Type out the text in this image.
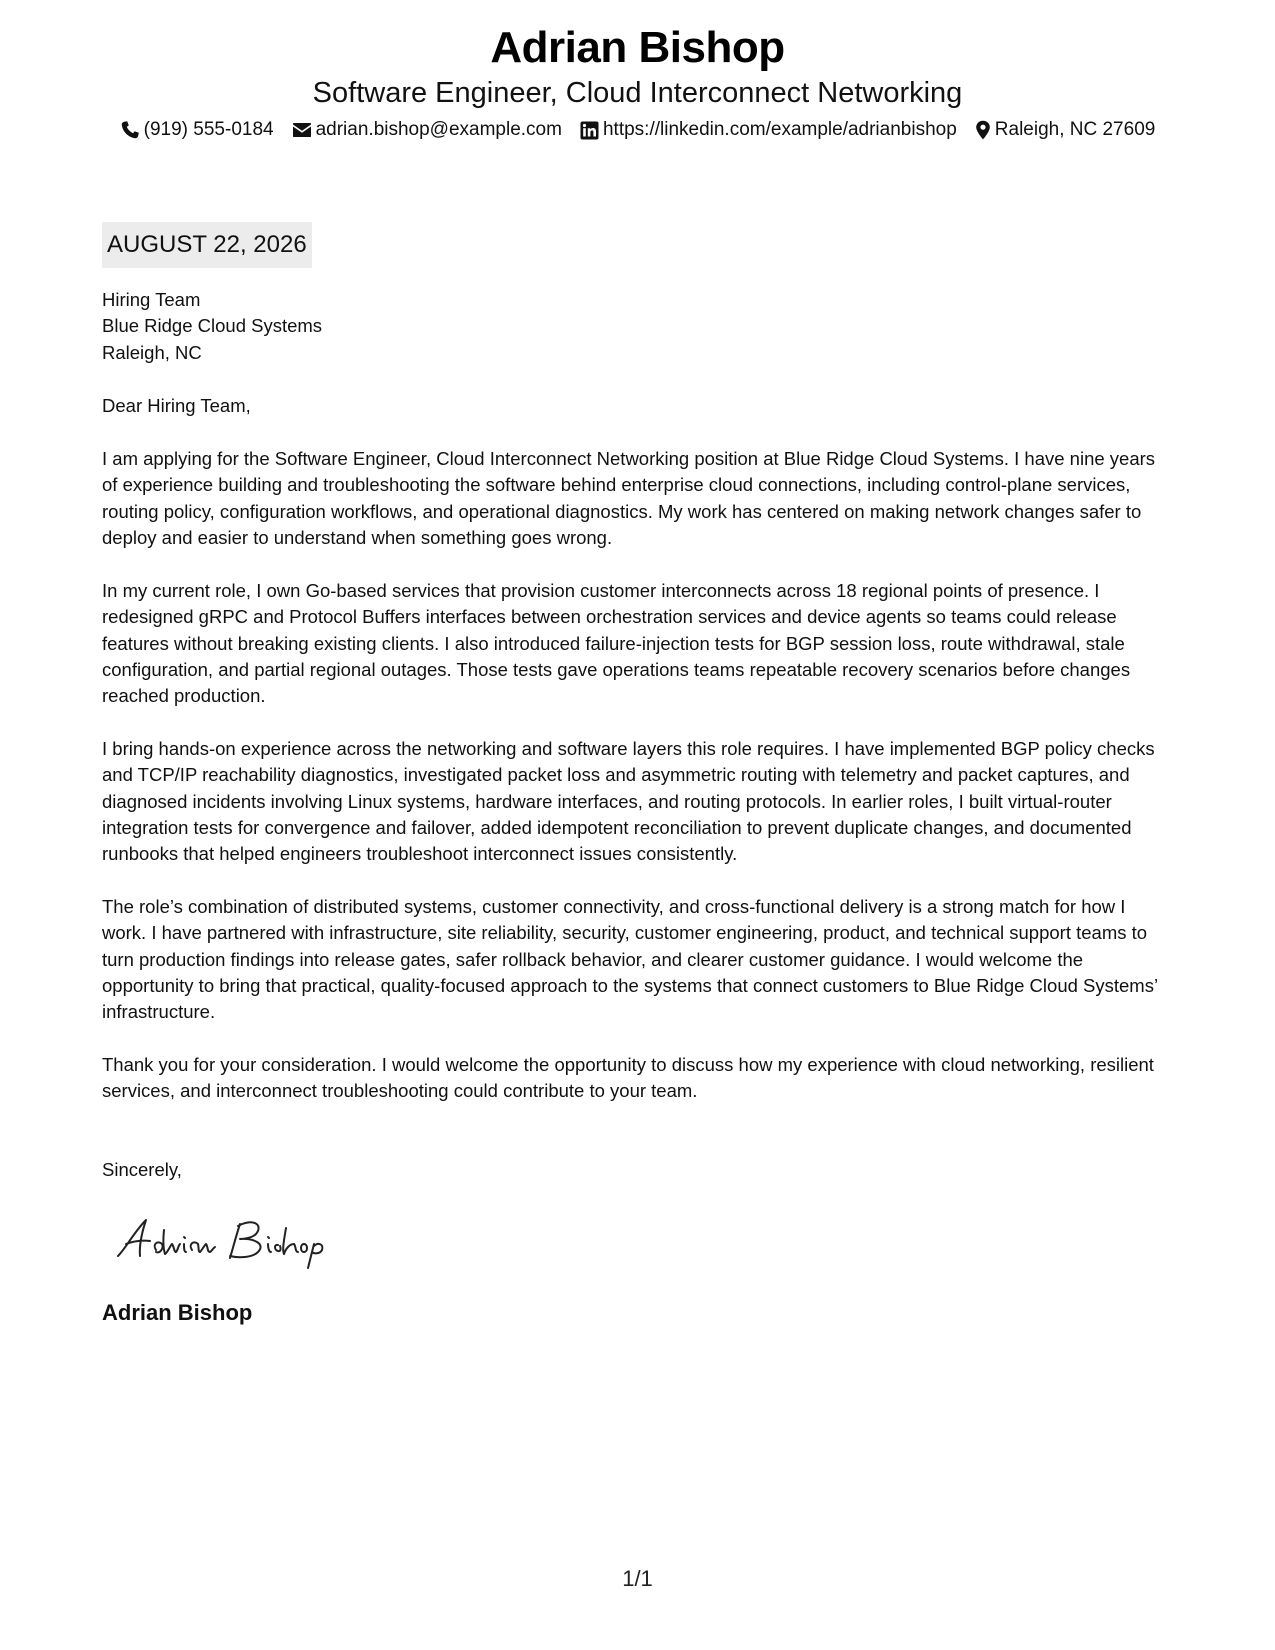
Adrian Bishop
Software Engineer, Cloud Interconnect Networking
(919) 555-0184 adrian.bishop@example.com https://linkedin.com/example/adrianbishop Raleigh, NC 27609
AUGUST 22, 2026
Hiring Team
Blue Ridge Cloud Systems
Raleigh, NC
Dear Hiring Team,

I am applying for the Software Engineer, Cloud Interconnect Networking position at Blue Ridge Cloud Systems. I have nine years of experience building and troubleshooting the software behind enterprise cloud connections, including control-plane services, routing policy, configuration workflows, and operational diagnostics. My work has centered on making network changes safer to deploy and easier to understand when something goes wrong.

In my current role, I own Go-based services that provision customer interconnects across 18 regional points of presence. I redesigned gRPC and Protocol Buffers interfaces between orchestration services and device agents so teams could release features without breaking existing clients. I also introduced failure-injection tests for BGP session loss, route withdrawal, stale configuration, and partial regional outages. Those tests gave operations teams repeatable recovery scenarios before changes reached production.

I bring hands-on experience across the networking and software layers this role requires. I have implemented BGP policy checks and TCP/IP reachability diagnostics, investigated packet loss and asymmetric routing with telemetry and packet captures, and diagnosed incidents involving Linux systems, hardware interfaces, and routing protocols. In earlier roles, I built virtual-router integration tests for convergence and failover, added idempotent reconciliation to prevent duplicate changes, and documented runbooks that helped engineers troubleshoot interconnect issues consistently.

The role’s combination of distributed systems, customer connectivity, and cross-functional delivery is a strong match for how I work. I have partnered with infrastructure, site reliability, security, customer engineering, product, and technical support teams to turn production findings into release gates, safer rollback behavior, and clearer customer guidance. I would welcome the opportunity to bring that practical, quality-focused approach to the systems that connect customers to Blue Ridge Cloud Systems’ infrastructure.

Thank you for your consideration. I would welcome the opportunity to discuss how my experience with cloud networking, resilient services, and interconnect troubleshooting could contribute to your team.

Sincerely,
Adrian Bishop
1/1
